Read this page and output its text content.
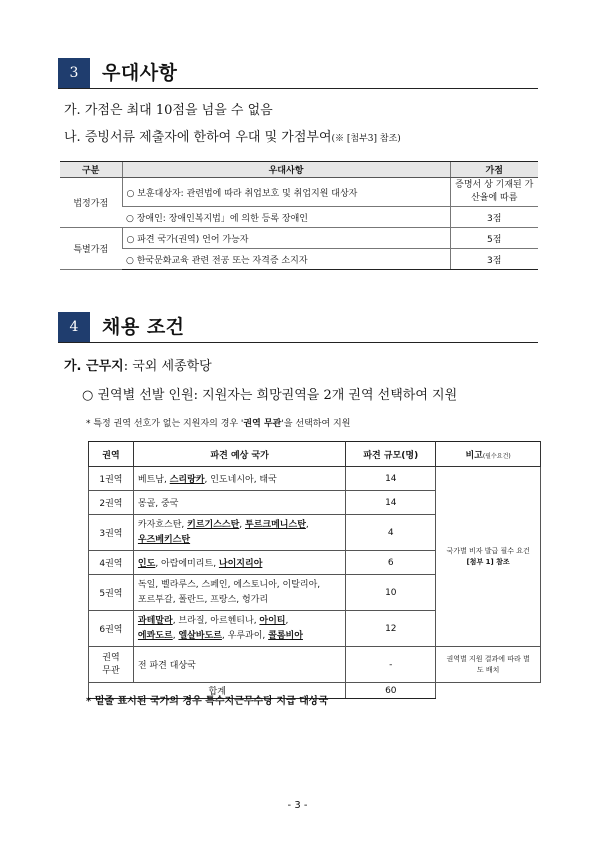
3	우대사항
가. 가점은 최대 10점을 넘을 수 없음
나. 증빙서류 제출자에 한하여 우대 및 가점부여(※ [첨부3] 참조)
구분	우대사항	가점
법정가점	○ 보훈대상자: 관련법에 따라 취업보호 및 취업지원 대상자	증명서 상 기재된 가산율에 따름
	○ 장애인: 장애인복지법」에 의한 등록 장애인	3점
특별가점	○ 파견 국가(권역) 언어 가능자	5점
	○ 한국문화교육 관련 전공 또는 자격증 소지자	3점
4	채용 조건
가. 근무지: 국외 세종학당
○ 권역별 선발 인원: 지원자는 희망권역을 2개 권역 선택하여 지원
* 특정 권역 선호가 없는 지원자의 경우 '권역 무관'을 선택하여 지원
권역	파견 예상 국가	파견 규모(명)	비고(필수요건)
1권역	베트남, 스리랑카, 인도네시아, 태국	14	국가별 비자 발급 필수 요건 [첨부 1] 참조
2권역	몽골, 중국	14	
3권역	카자흐스탄, 키르기스스탄, 투르크메니스탄,
우즈베키스탄	4	
4권역	인도, 아랍에미리트, 나이지리아	6	
5권역	독일, 벨라루스, 스페인, 에스토니아, 이탈리아,
포르투갈, 폴란드, 프랑스, 헝가리	10	
6권역	과테말라, 브라질, 아르헨티나, 아이티,
에콰도르, 엘살바도르, 우루과이, 콜롬비아	12	
권역
무관	전 파견 대상국	-	권역별 지원 결과에 따라 별도 배치
합계		60	
* 밑줄 표시된 국가의 경우 특수지근무수당 지급 대상국
- 3 -
